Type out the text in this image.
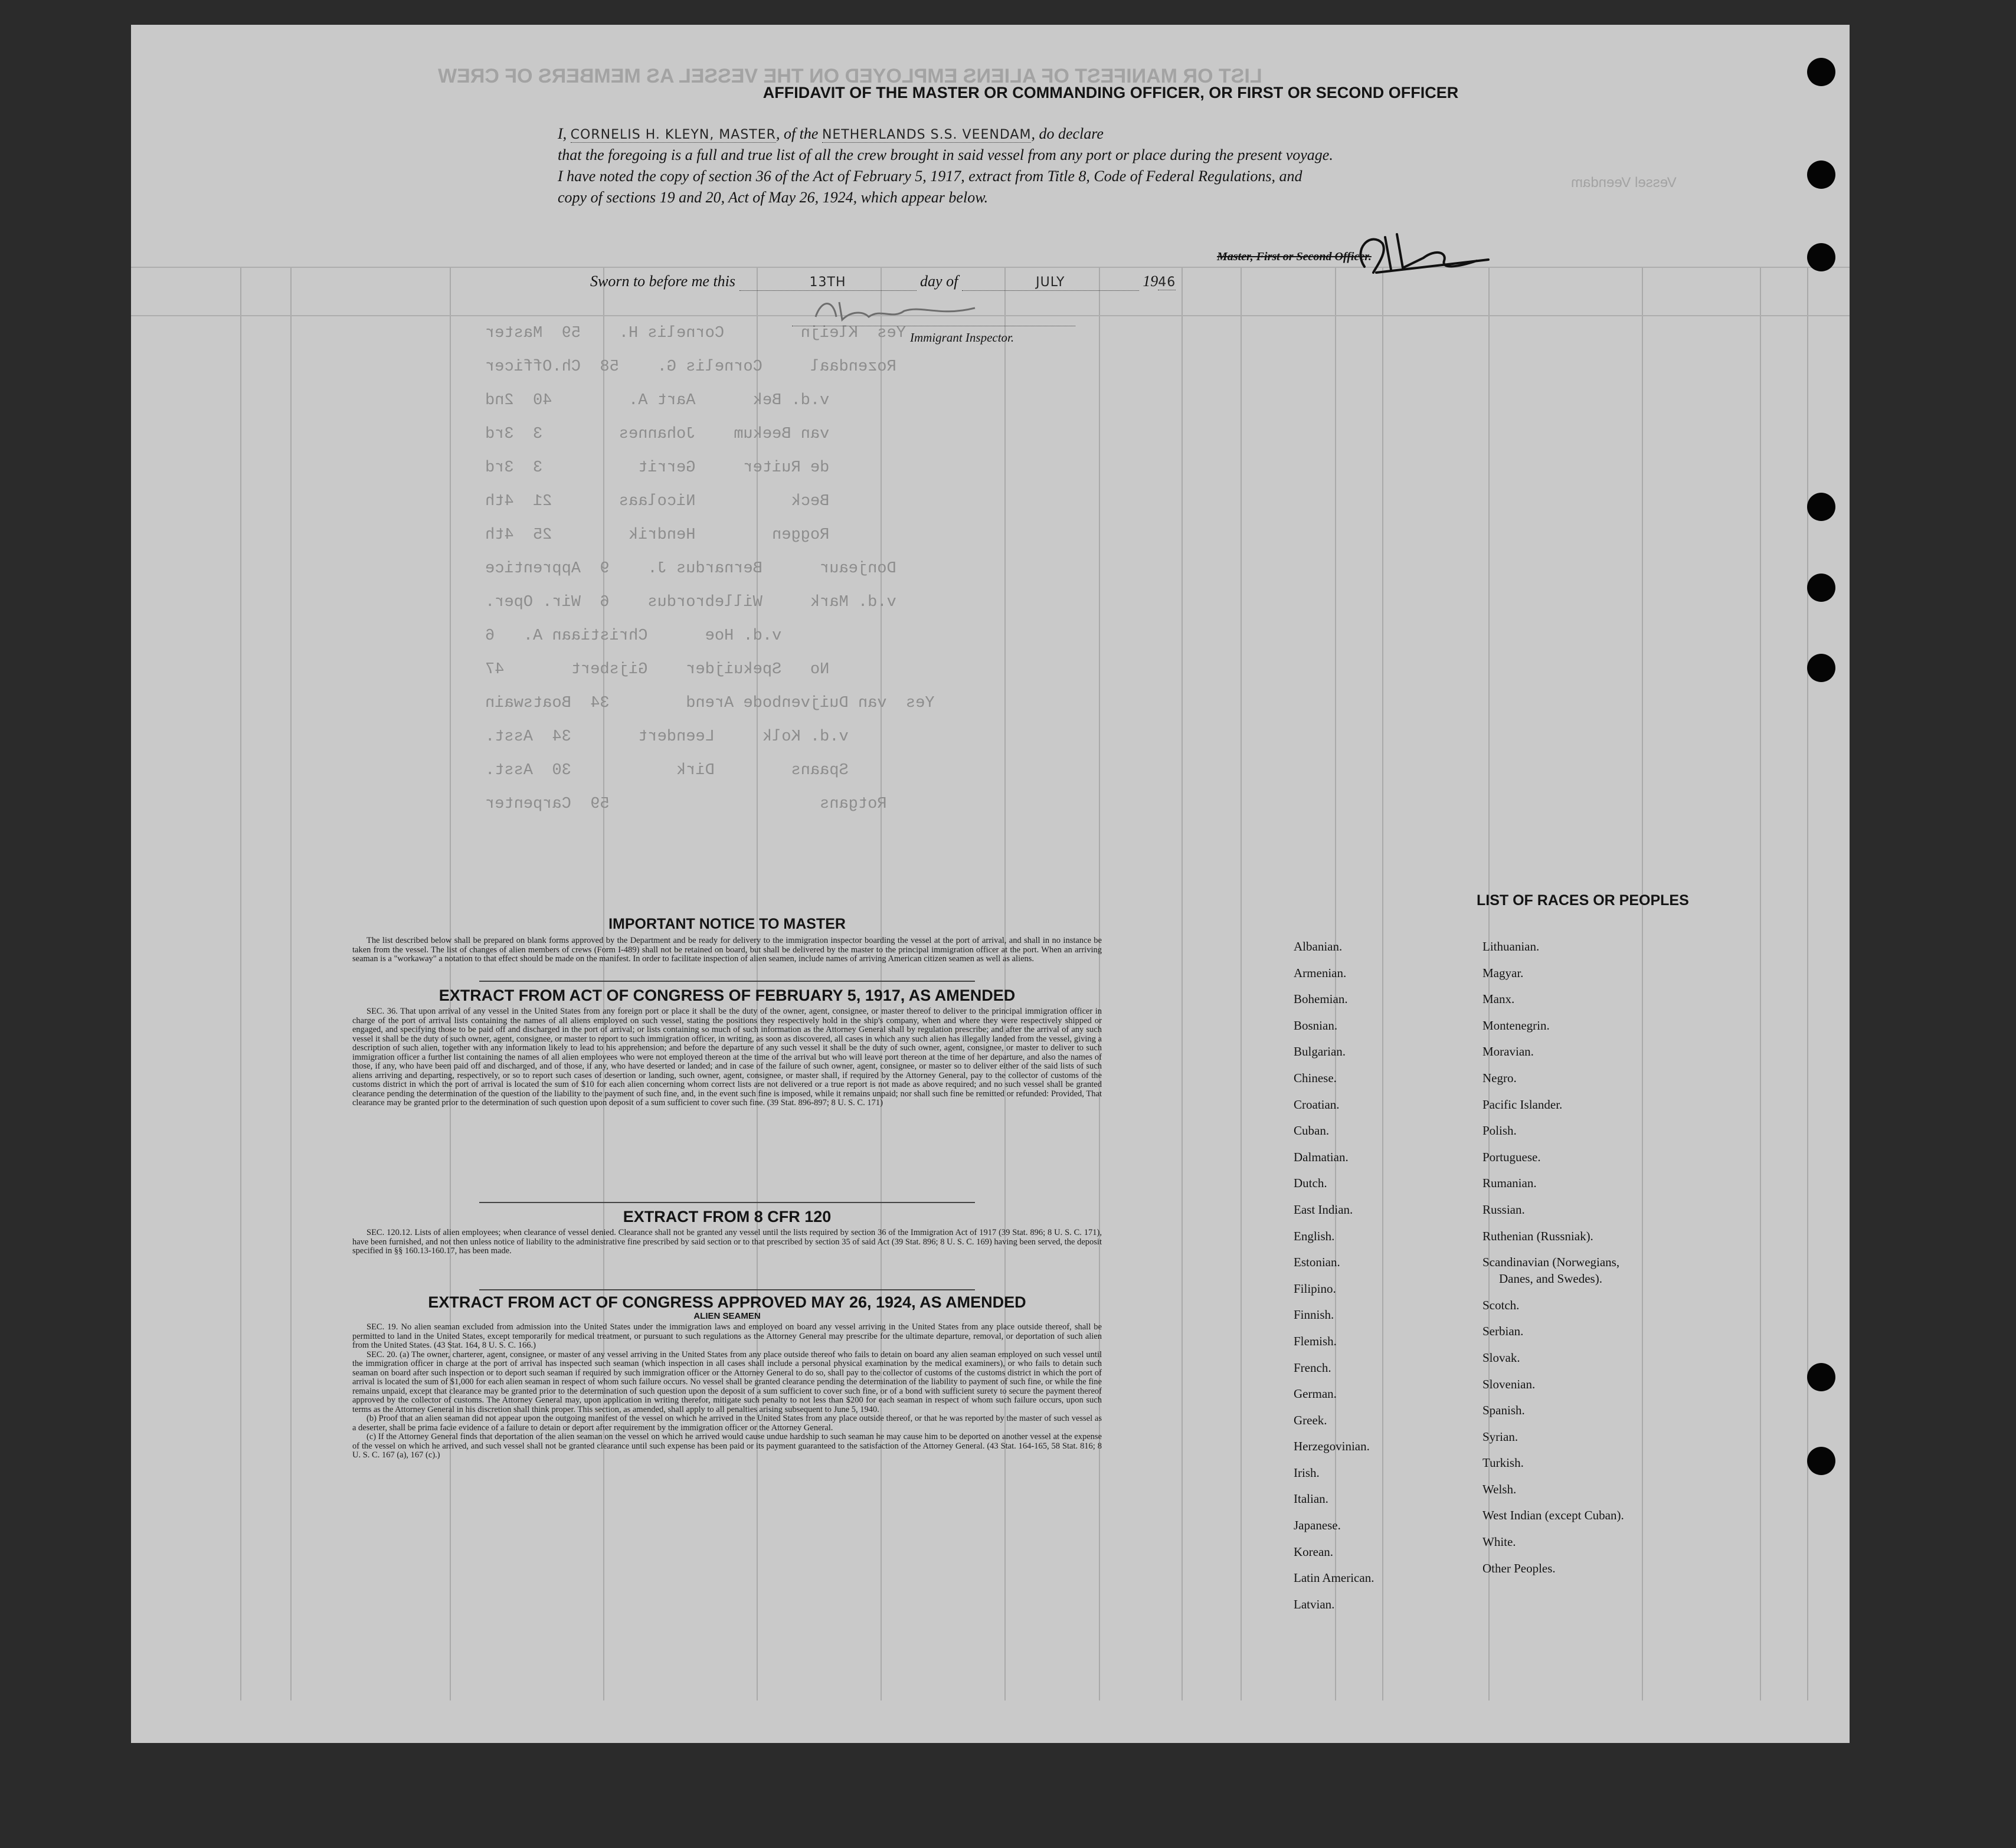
LIST OR MANIFEST OF ALIENS EMPLOYED ON THE VESSEL AS MEMBERS OF CREW
Vessel Veendam
Yes  Kleijn        Cornelis H.    59  Master
Rozendaal     Cornelis G.    58  Ch.Officer
v.d. Bek      Aart A.        40  2nd
van Beekum    Johannes        3  3rd
de Ruiter     Gerrit          3  3rd
Beck          Nicolaas       21  4th
Roggen        Hendrik        25  4th
Donjeaur      Bernardus J.    9  Apprentice
v.d. Mark     Willebrordus    6  Wir. Oper.
v.d. Hoe      Christiaan A.   6
No   Spekuijder    Gijsbert       47
Yes  van Duijvenbode Arend        34  Boatswain
v.d. Kolk     Leendert       34  Asst.
Spaans        Dirk           30  Asst.
Rotgans                      59  Carpenter
AFFIDAVIT OF THE MASTER OR COMMANDING OFFICER, OR FIRST OR SECOND OFFICER
I, CORNELIS H. KLEYN, MASTER, of the NETHERLANDS S.S. VEENDAM, do declare
that the foregoing is a full and true list of all the crew brought in said vessel from any port or place during the present voyage.
I have noted the copy of section 36 of the Act of February 5, 1917, extract from Title 8, Code of Federal Regulations, and
copy of sections 19 and 20, Act of May 26, 1924, which appear below.
Master, First or Second Officer.
Sworn to before me this	13TH	day of	JULY	1946
Immigrant Inspector.
IMPORTANT NOTICE TO MASTER

The list described below shall be prepared on blank forms approved by the Department and be ready for delivery to the immigration inspector boarding the vessel at the port of arrival, and shall in no instance be taken from the vessel. The list of changes of alien members of crews (Form I-489) shall not be retained on board, but shall be delivered by the master to the principal immigration officer at the port. When an arriving seaman is a "workaway" a notation to that effect should be made on the manifest. In order to facilitate inspection of alien seamen, include names of arriving American citizen seamen as well as aliens.

EXTRACT FROM ACT OF CONGRESS OF FEBRUARY 5, 1917, AS AMENDED

SEC. 36. That upon arrival of any vessel in the United States from any foreign port or place it shall be the duty of the owner, agent, consignee, or master thereof to deliver to the principal immigration officer in charge of the port of arrival lists containing the names of all aliens employed on such vessel, stating the positions they respectively hold in the ship's company, when and where they were respectively shipped or engaged, and specifying those to be paid off and discharged in the port of arrival; or lists containing so much of such information as the Attorney General shall by regulation prescribe; and after the arrival of any such vessel it shall be the duty of such owner, agent, consignee, or master to report to such immigration officer, in writing, as soon as discovered, all cases in which any such alien has illegally landed from the vessel, giving a description of such alien, together with any information likely to lead to his apprehension; and before the departure of any such vessel it shall be the duty of such owner, agent, consignee, or master to deliver to such immigration officer a further list containing the names of all alien employees who were not employed thereon at the time of the arrival but who will leave port thereon at the time of her departure, and also the names of those, if any, who have been paid off and discharged, and of those, if any, who have deserted or landed; and in case of the failure of such owner, agent, consignee, or master so to deliver either of the said lists of such aliens arriving and departing, respectively, or so to report such cases of desertion or landing, such owner, agent, consignee, or master shall, if required by the Attorney General, pay to the collector of customs of the customs district in which the port of arrival is located the sum of $10 for each alien concerning whom correct lists are not delivered or a true report is not made as above required; and no such vessel shall be granted clearance pending the determination of the question of the liability to the payment of such fine, and, in the event such fine is imposed, while it remains unpaid; nor shall such fine be remitted or refunded: Provided, That clearance may be granted prior to the determination of such question upon deposit of a sum sufficient to cover such fine. (39 Stat. 896-897; 8 U. S. C. 171)

EXTRACT FROM 8 CFR 120

SEC. 120.12. Lists of alien employees; when clearance of vessel denied. Clearance shall not be granted any vessel until the lists required by section 36 of the Immigration Act of 1917 (39 Stat. 896; 8 U. S. C. 171), have been furnished, and not then unless notice of liability to the administrative fine prescribed by said section or to that prescribed by section 35 of said Act (39 Stat. 896; 8 U. S. C. 169) having been served, the deposit specified in §§ 160.13-160.17, has been made.

EXTRACT FROM ACT OF CONGRESS APPROVED MAY 26, 1924, AS AMENDED
ALIEN SEAMEN

SEC. 19. No alien seaman excluded from admission into the United States under the immigration laws and employed on board any vessel arriving in the United States from any place outside thereof, shall be permitted to land in the United States, except temporarily for medical treatment, or pursuant to such regulations as the Attorney General may prescribe for the ultimate departure, removal, or deportation of such alien from the United States. (43 Stat. 164, 8 U. S. C. 166.)

SEC. 20. (a) The owner, charterer, agent, consignee, or master of any vessel arriving in the United States from any place outside thereof who fails to detain on board any alien seaman employed on such vessel until the immigration officer in charge at the port of arrival has inspected such seaman (which inspection in all cases shall include a personal physical examination by the medical examiners), or who fails to detain such seaman on board after such inspection or to deport such seaman if required by such immigration officer or the Attorney General to do so, shall pay to the collector of customs of the customs district in which the port of arrival is located the sum of $1,000 for each alien seaman in respect of whom such failure occurs. No vessel shall be granted clearance pending the determination of the liability to payment of such fine, or while the fine remains unpaid, except that clearance may be granted prior to the determination of such question upon the deposit of a sum sufficient to cover such fine, or of a bond with sufficient surety to secure the payment thereof approved by the collector of customs. The Attorney General may, upon application in writing therefor, mitigate such penalty to not less than $200 for each seaman in respect of whom such failure occurs, upon such terms as the Attorney General in his discretion shall think proper. This section, as amended, shall apply to all penalties arising subsequent to June 5, 1940.

(b) Proof that an alien seaman did not appear upon the outgoing manifest of the vessel on which he arrived in the United States from any place outside thereof, or that he was reported by the master of such vessel as a deserter, shall be prima facie evidence of a failure to detain or deport after requirement by the immigration officer or the Attorney General.

(c) If the Attorney General finds that deportation of the alien seaman on the vessel on which he arrived would cause undue hardship to such seaman he may cause him to be deported on another vessel at the expense of the vessel on which he arrived, and such vessel shall not be granted clearance until such expense has been paid or its payment guaranteed to the satisfaction of the Attorney General. (43 Stat. 164-165, 58 Stat. 816; 8 U. S. C. 167 (a), 167 (c).)

LIST OF RACES OR PEOPLES
Albanian.
Armenian.
Bohemian.
Bosnian.
Bulgarian.
Chinese.
Croatian.
Cuban.
Dalmatian.
Dutch.
East Indian.
English.
Estonian.
Filipino.
Finnish.
Flemish.
French.
German.
Greek.
Herzegovinian.
Irish.
Italian.
Japanese.
Korean.
Latin American.
Latvian.
Lithuanian.
Magyar.
Manx.
Montenegrin.
Moravian.
Negro.
Pacific Islander.
Polish.
Portuguese.
Rumanian.
Russian.
Ruthenian (Russniak).
Scandinavian (Norwegians,
Danes, and Swedes).
Scotch.
Serbian.
Slovak.
Slovenian.
Spanish.
Syrian.
Turkish.
Welsh.
West Indian (except Cuban).
White.
Other Peoples.
